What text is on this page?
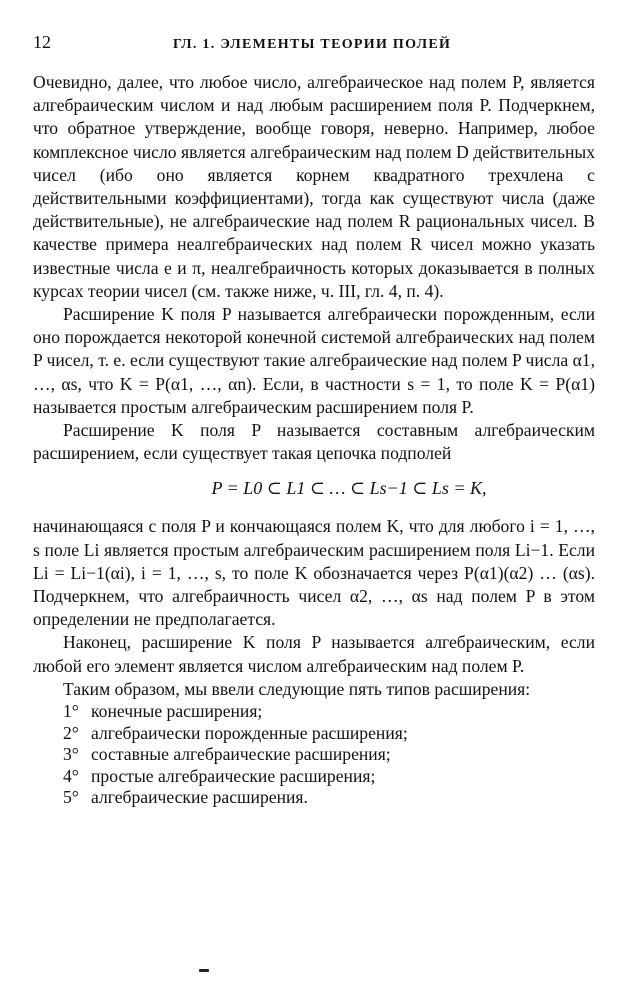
12	ГЛ. 1. ЭЛЕМЕНТЫ ТЕОРИИ ПОЛЕЙ

Очевидно, далее, что любое число, алгебраическое над полем P, является алгебраическим числом и над любым расширением поля P. Подчеркнем, что обратное утверждение, вообще говоря, неверно. Например, любое комплексное число является алгебраическим над полем D действительных чисел (ибо оно является корнем квадратного трехчлена с действительными коэффициентами), тогда как существуют числа (даже действительные), не алгебраические над полем R рациональных чисел. В качестве примера неалгебраических над полем R чисел можно указать известные числа e и π, неалгебраичность которых доказывается в полных курсах теории чисел (см. также ниже, ч. III, гл. 4, п. 4).

Расширение K поля P называется алгебраически порожденным, если оно порождается некоторой конечной системой алгебраических над полем P чисел, т. е. если существуют такие алгебраические над полем P числа α1, …, αs, что K = P(α1, …, αn). Если, в частности s = 1, то поле K = P(α1) называется простым алгебраическим расширением поля P.

Расширение K поля P называется составным алгебраическим расширением, если существует такая цепочка подполей

P = L0 ⊂ L1 ⊂ … ⊂ Ls−1 ⊂ Ls = K,

начинающаяся с поля P и кончающаяся полем K, что для любого i = 1, …, s поле Li является простым алгебраическим расширением поля Li−1. Если Li = Li−1(αi), i = 1, …, s, то поле K обозначается через P(α1)(α2) … (αs). Подчеркнем, что алгебраичность чисел α2, …, αs над полем P в этом определении не предполагается.

Наконец, расширение K поля P называется алгебраическим, если любой его элемент является числом алгебраическим над полем P.

Таким образом, мы ввели следующие пять типов расширения:

1° конечные расширения;
2° алгебраически порожденные расширения;
3° составные алгебраические расширения;
4° простые алгебраические расширения;
5° алгебраические расширения.
